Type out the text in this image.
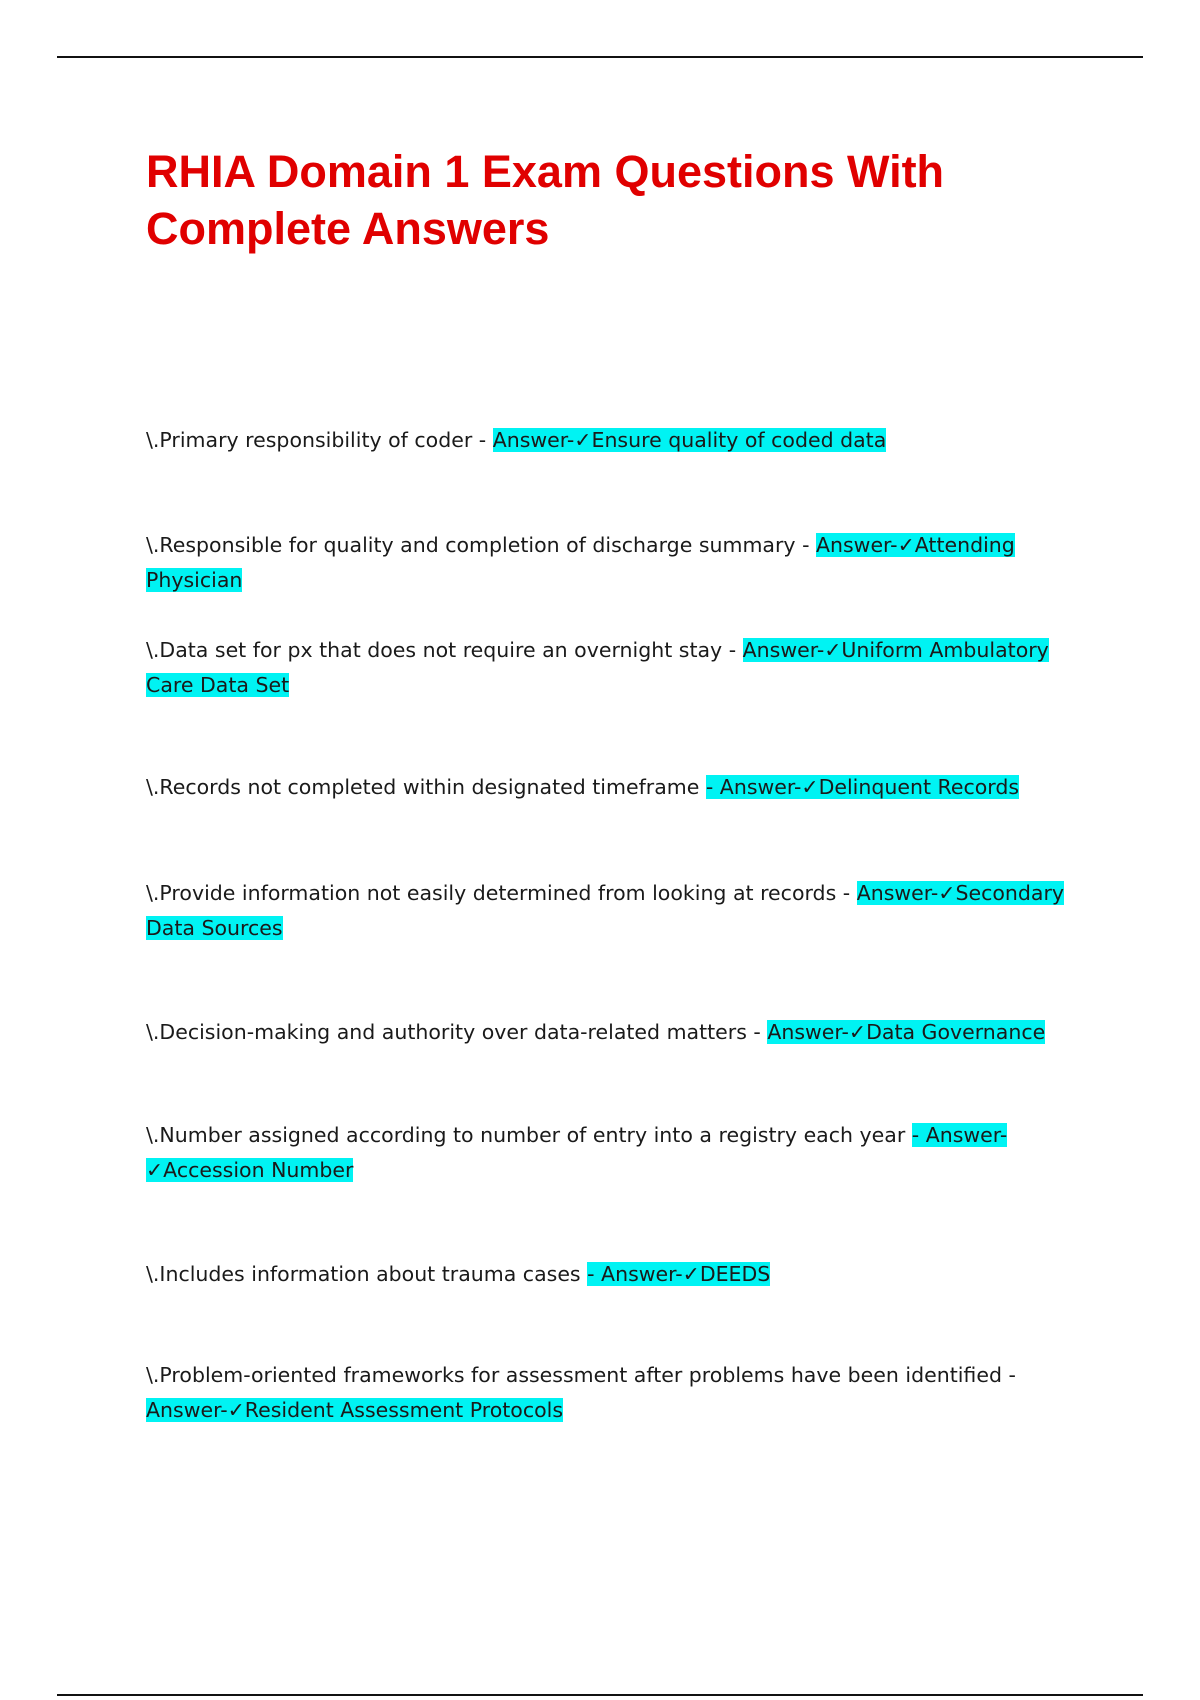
RHIA Domain 1 Exam Questions With Complete Answers

\.Primary responsibility of coder - Answer-✓Ensure quality of coded data

\.Responsible for quality and completion of discharge summary - Answer-✓Attending Physician

\.Data set for px that does not require an overnight stay - Answer-✓Uniform Ambulatory Care Data Set

\.Records not completed within designated timeframe - Answer-✓Delinquent Records

\.Provide information not easily determined from looking at records - Answer-✓Secondary Data Sources

\.Decision-making and authority over data-related matters - Answer-✓Data Governance

\.Number assigned according to number of entry into a registry each year - Answer-✓Accession Number

\.Includes information about trauma cases - Answer-✓DEEDS

\.Problem-oriented frameworks for assessment after problems have been identified - Answer-✓Resident Assessment Protocols
